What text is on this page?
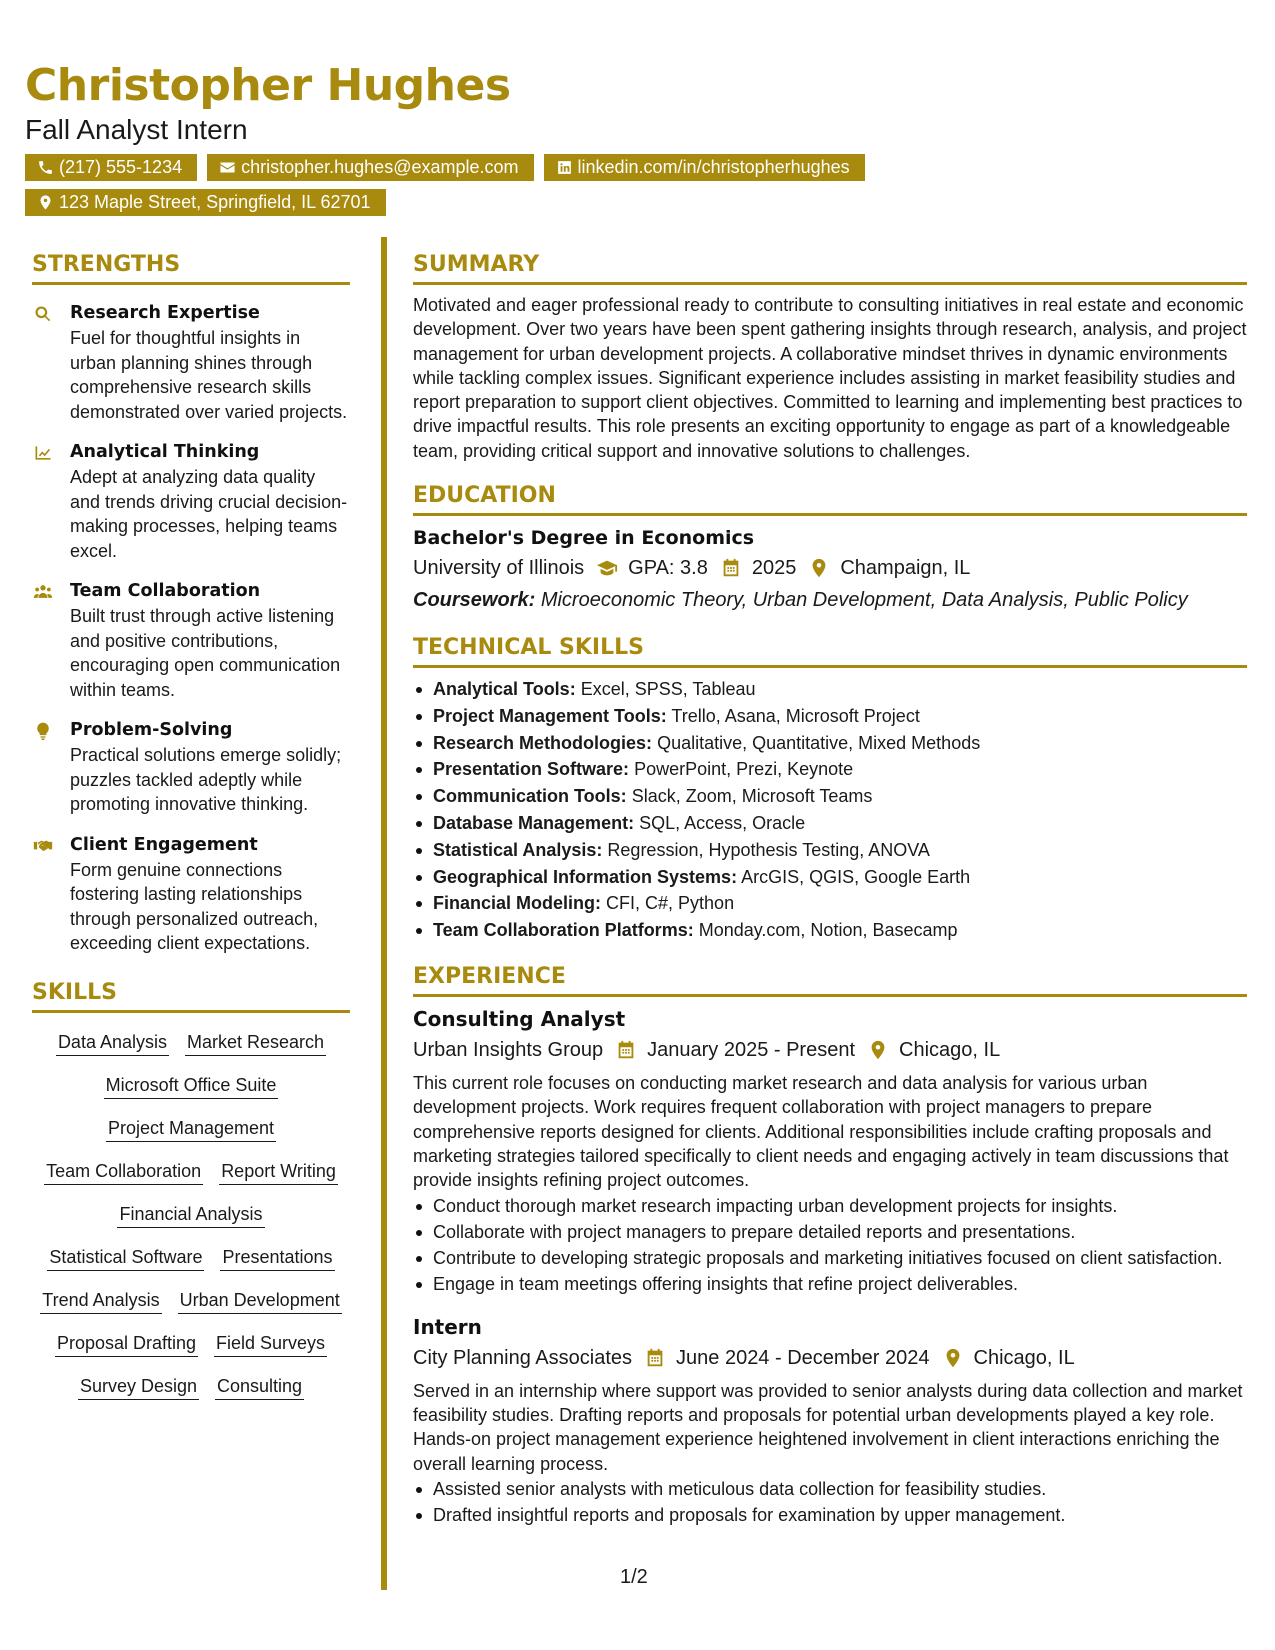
Christopher Hughes
Fall Analyst Intern
(217) 555-1234	christopher.hughes@example.com	linkedin.com/in/christopherhughes
123 Maple Street, Springfield, IL 62701
STRENGTHS
Research Expertise
Fuel for thoughtful insights in urban planning shines through comprehensive research skills demonstrated over varied projects.
Analytical Thinking
Adept at analyzing data quality and trends driving crucial decision-making processes, helping teams excel.
Team Collaboration
Built trust through active listening and positive contributions, encouraging open communication within teams.
Problem-Solving
Practical solutions emerge solidly; puzzles tackled adeptly while promoting innovative thinking.
Client Engagement
Form genuine connections fostering lasting relationships through personalized outreach, exceeding client expectations.
SKILLS
Data Analysis Market Research
Microsoft Office Suite
Project Management
Team Collaboration Report Writing
Financial Analysis
Statistical Software Presentations
Trend Analysis Urban Development
Proposal Drafting Field Surveys
Survey Design Consulting
SUMMARY
Motivated and eager professional ready to contribute to consulting initiatives in real estate and economic development. Over two years have been spent gathering insights through research, analysis, and project management for urban development projects. A collaborative mindset thrives in dynamic environments while tackling complex issues. Significant experience includes assisting in market feasibility studies and report preparation to support client objectives. Committed to learning and implementing best practices to drive impactful results. This role presents an exciting opportunity to engage as part of a knowledgeable team, providing critical support and innovative solutions to challenges.
EDUCATION
Bachelor's Degree in Economics
University of Illinois GPA: 3.8 2025 Champaign, IL
Coursework: Microeconomic Theory, Urban Development, Data Analysis, Public Policy
TECHNICAL SKILLS
Analytical Tools: Excel, SPSS, Tableau
Project Management Tools: Trello, Asana, Microsoft Project
Research Methodologies: Qualitative, Quantitative, Mixed Methods
Presentation Software: PowerPoint, Prezi, Keynote
Communication Tools: Slack, Zoom, Microsoft Teams
Database Management: SQL, Access, Oracle
Statistical Analysis: Regression, Hypothesis Testing, ANOVA
Geographical Information Systems: ArcGIS, QGIS, Google Earth
Financial Modeling: CFI, C#, Python
Team Collaboration Platforms: Monday.com, Notion, Basecamp
EXPERIENCE
Consulting Analyst
Urban Insights Group January 2025 - Present Chicago, IL
This current role focuses on conducting market research and data analysis for various urban development projects. Work requires frequent collaboration with project managers to prepare comprehensive reports designed for clients. Additional responsibilities include crafting proposals and marketing strategies tailored specifically to client needs and engaging actively in team discussions that provide insights refining project outcomes.
Conduct thorough market research impacting urban development projects for insights.
Collaborate with project managers to prepare detailed reports and presentations.
Contribute to developing strategic proposals and marketing initiatives focused on client satisfaction.
Engage in team meetings offering insights that refine project deliverables.
Intern
City Planning Associates June 2024 - December 2024 Chicago, IL
Served in an internship where support was provided to senior analysts during data collection and market feasibility studies. Drafting reports and proposals for potential urban developments played a key role. Hands-on project management experience heightened involvement in client interactions enriching the overall learning process.
Assisted senior analysts with meticulous data collection for feasibility studies.
Drafted insightful reports and proposals for examination by upper management.
1/2
